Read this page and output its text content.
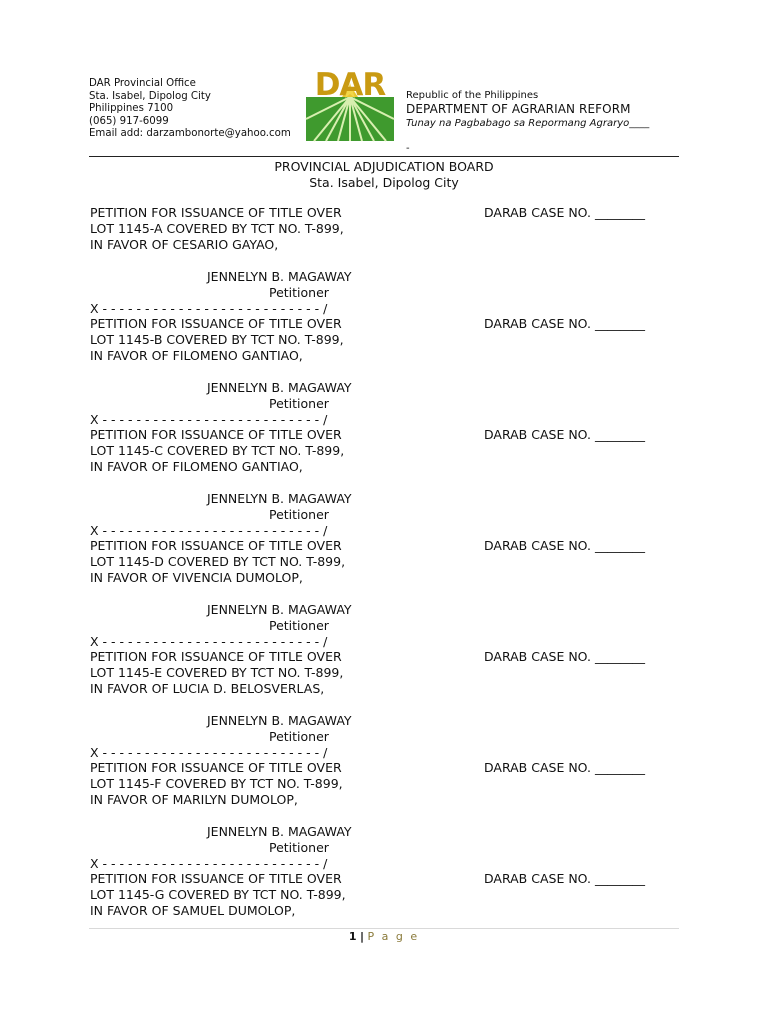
DAR Provincial Office
Sta. Isabel, Dipolog City
Philippines 7100
(065) 917-6099
Email add: darzambonorte@yahoo.com
DAR Republic of the Philippines
DEPARTMENT OF AGRARIAN REFORM
Tunay na Pagbabago sa Repormang Agraryo____
-
PROVINCIAL ADJUDICATION BOARD
Sta. Isabel, Dipolog City
PETITION FOR ISSUANCE OF TITLE OVER
LOT 1145-A COVERED BY TCT NO. T-899,
IN FAVOR OF CESARIO GAYAO,
DARAB CASE NO. ________
JENNELYN B. MAGAWAY
Petitioner
X - - - - - - - - - - - - - - - - - - - - - - - - - - /
PETITION FOR ISSUANCE OF TITLE OVER
LOT 1145-B COVERED BY TCT NO. T-899,
IN FAVOR OF FILOMENO GANTIAO,
DARAB CASE NO. ________
JENNELYN B. MAGAWAY
Petitioner
X - - - - - - - - - - - - - - - - - - - - - - - - - - /
PETITION FOR ISSUANCE OF TITLE OVER
LOT 1145-C COVERED BY TCT NO. T-899,
IN FAVOR OF FILOMENO GANTIAO,
DARAB CASE NO. ________
JENNELYN B. MAGAWAY
Petitioner
X - - - - - - - - - - - - - - - - - - - - - - - - - - /
PETITION FOR ISSUANCE OF TITLE OVER
LOT 1145-D COVERED BY TCT NO. T-899,
IN FAVOR OF VIVENCIA DUMOLOP,
DARAB CASE NO. ________
JENNELYN B. MAGAWAY
Petitioner
X - - - - - - - - - - - - - - - - - - - - - - - - - - /
PETITION FOR ISSUANCE OF TITLE OVER
LOT 1145-E COVERED BY TCT NO. T-899,
IN FAVOR OF LUCIA D. BELOSVERLAS,
DARAB CASE NO. ________
JENNELYN B. MAGAWAY
Petitioner
X - - - - - - - - - - - - - - - - - - - - - - - - - - /
PETITION FOR ISSUANCE OF TITLE OVER
LOT 1145-F COVERED BY TCT NO. T-899,
IN FAVOR OF MARILYN DUMOLOP,
DARAB CASE NO. ________
JENNELYN B. MAGAWAY
Petitioner
X - - - - - - - - - - - - - - - - - - - - - - - - - - /
PETITION FOR ISSUANCE OF TITLE OVER
LOT 1145-G COVERED BY TCT NO. T-899,
IN FAVOR OF SAMUEL DUMOLOP,
DARAB CASE NO. ________
1 | P a g e
